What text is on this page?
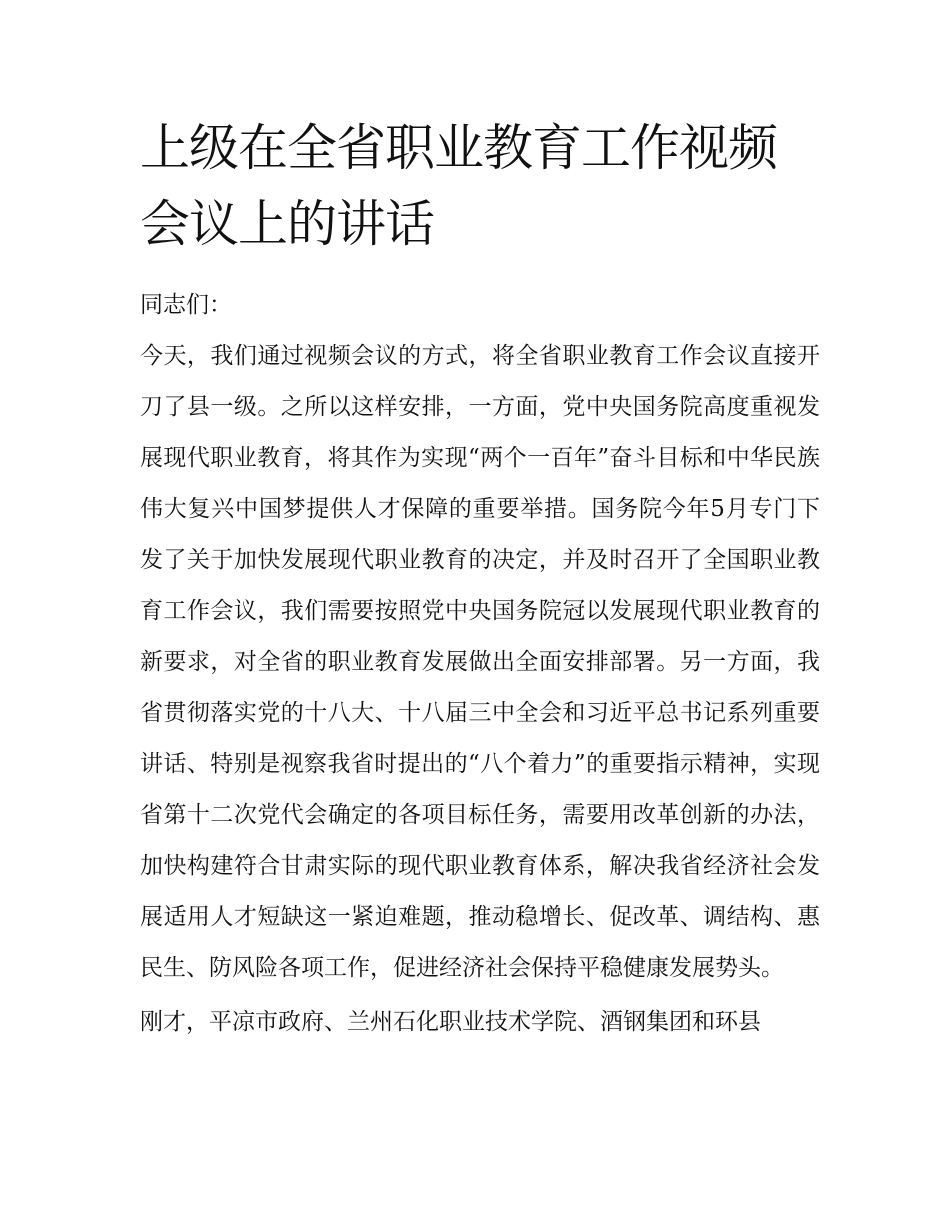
上级在全省职业教育工作视频会议上的讲话

同志们：

今天，我们通过视频会议的方式，将全省职业教育工作会议直接开刀了县一级。之所以这样安排，一方面，党中央国务院高度重视发展现代职业教育，将其作为实现“两个一百年”奋斗目标和中华民族伟大复兴中国梦提供人才保障的重要举措。国务院今年5月专门下发了关于加快发展现代职业教育的决定，并及时召开了全国职业教育工作会议，我们需要按照党中央国务院冠以发展现代职业教育的新要求，对全省的职业教育发展做出全面安排部署。另一方面，我省贯彻落实党的十八大、十八届三中全会和习近平总书记系列重要讲话、特别是视察我省时提出的“八个着力”的重要指示精神，实现省第十二次党代会确定的各项目标任务，需要用改革创新的办法，加快构建符合甘肃实际的现代职业教育体系，解决我省经济社会发展适用人才短缺这一紧迫难题，推动稳增长、促改革、调结构、惠民生、防风险各项工作，促进经济社会保持平稳健康发展势头。

刚才，平凉市政府、兰州石化职业技术学院、酒钢集团和环县
